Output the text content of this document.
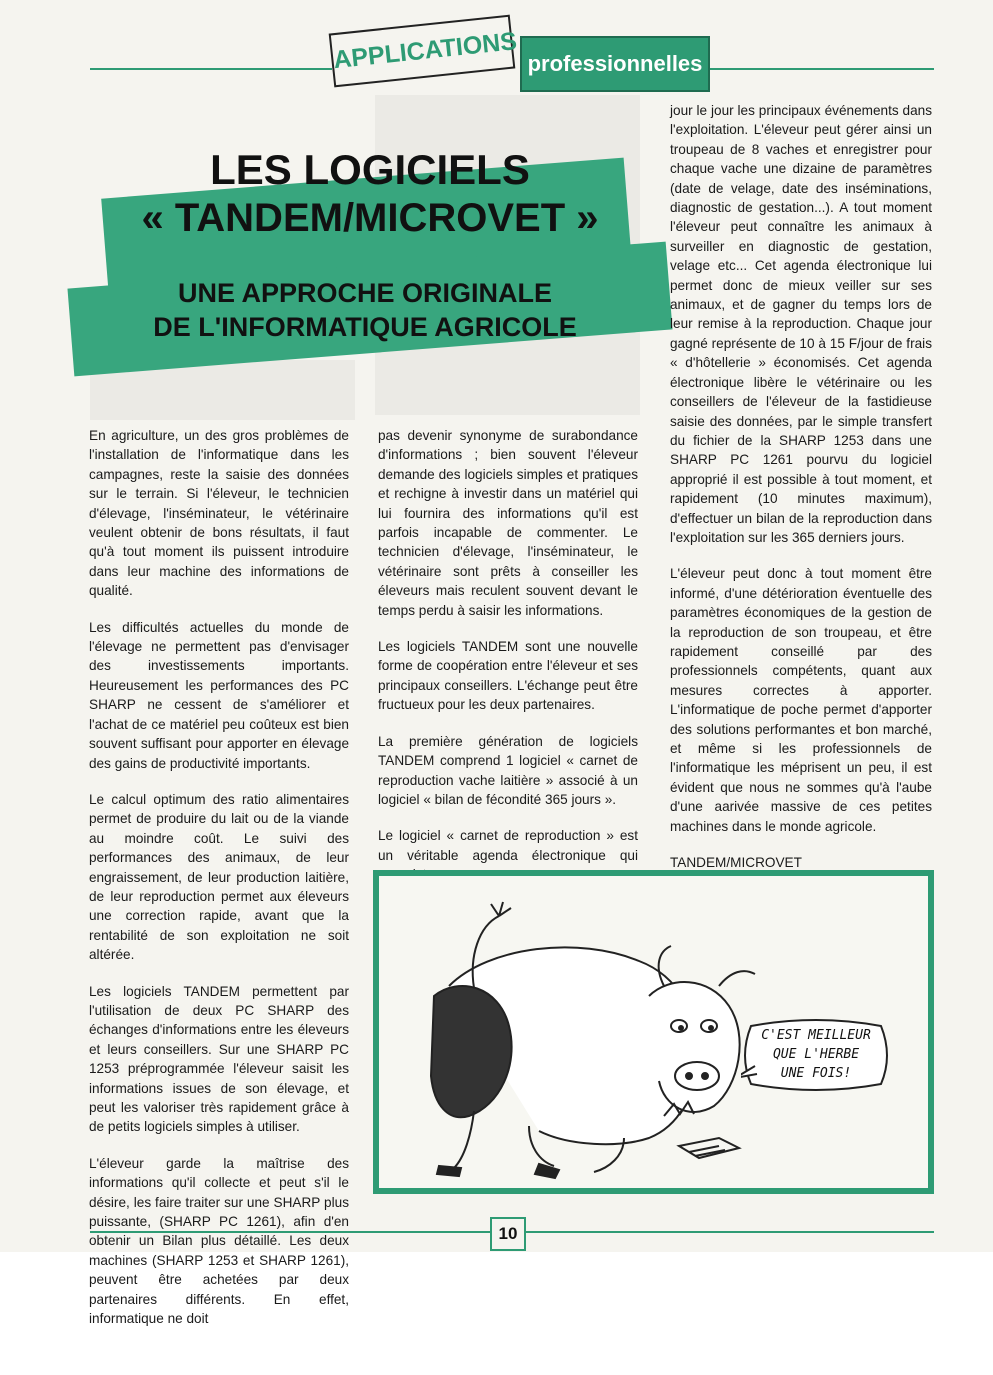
APPLICATIONS professionnelles
LES LOGICIELS
« TANDEM/MICROVET »
UNE APPROCHE ORIGINALE
DE L'INFORMATIQUE AGRICOLE

En agriculture, un des gros problèmes de l'installation de l'informatique dans les campagnes, reste la saisie des données sur le terrain. Si l'éleveur, le technicien d'élevage, l'inséminateur, le vétérinaire veulent obtenir de bons résultats, il faut qu'à tout moment ils puissent introduire dans leur machine des informations de qualité.

Les difficultés actuelles du monde de l'élevage ne permettent pas d'envisager des investissements importants. Heureusement les performances des PC SHARP ne cessent de s'améliorer et l'achat de ce matériel peu coûteux est bien souvent suffisant pour apporter en élevage des gains de productivité importants.

Le calcul optimum des ratio alimentaires permet de produire du lait ou de la viande au moindre coût. Le suivi des performances des animaux, de leur engraissement, de leur production laitière, de leur reproduction permet aux éleveurs une correction rapide, avant que la rentabilité de son exploitation ne soit altérée.

Les logiciels TANDEM permettent par l'utilisation de deux PC SHARP des échanges d'informations entre les éleveurs et leurs conseillers. Sur une SHARP PC 1253 préprogrammée l'éleveur saisit les informations issues de son élevage, et peut les valoriser très rapidement grâce à de petits logiciels simples à utiliser.

L'éleveur garde la maîtrise des informations qu'il collecte et peut s'il le désire, les faire traiter sur une SHARP plus puissante, (SHARP PC 1261), afin d'en obtenir un Bilan plus détaillé. Les deux machines (SHARP 1253 et SHARP 1261), peuvent être achetées par deux partenaires différents. En effet, informatique ne doit

pas devenir synonyme de surabondance d'informations ; bien souvent l'éleveur demande des logiciels simples et pratiques et rechigne à investir dans un matériel qui lui fournira des informations qu'il est parfois incapable de commenter. Le technicien d'élevage, l'inséminateur, le vétérinaire sont prêts à conseiller les éleveurs mais reculent souvent devant le temps perdu à saisir les informations.

Les logiciels TANDEM sont une nouvelle forme de coopération entre l'éleveur et ses principaux conseillers. L'échange peut être fructueux pour les deux partenaires.

La première génération de logiciels TANDEM comprend 1 logiciel « carnet de reproduction vache laitière » associé à un logiciel « bilan de fécondité 365 jours ».

Le logiciel « carnet de reproduction » est un véritable agenda électronique qui

jour le jour les principaux événements dans l'exploitation. L'éleveur peut gérer ainsi un troupeau de 8 vaches et enregistrer pour chaque vache une dizaine de paramètres (date de velage, date des inséminations, diagnostic de gestation...). A tout moment l'éleveur peut connaître les animaux à surveiller en diagnostic de gestation, velage etc... Cet agenda électronique lui permet donc de mieux veiller sur ses animaux, et de gagner du temps lors de leur remise à la reproduction. Chaque jour gagné représente de 10 à 15 F/jour de frais « d'hôtellerie » économisés. Cet agenda électronique libère le vétérinaire ou les conseillers de l'éleveur de la fastidieuse saisie des données, par le simple transfert du fichier de la SHARP 1253 dans une SHARP PC 1261 pourvu du logiciel approprié il est possible à tout moment, et rapidement (10 minutes maximum), d'effectuer un bilan de la reproduction dans l'exploitation sur les 365 derniers jours.

L'éleveur peut donc à tout moment être informé, d'une détérioration éventuelle des paramètres économiques de la gestion de la reproduction de son troupeau, et être rapidement conseillé par des professionnels compétents, quant aux mesures correctes à apporter. L'informatique de poche permet d'apporter des solutions performantes et bon marché, et même si les professionnels de l'informatique les méprisent un peu, il est évident que nous ne sommes qu'à l'aube d'une aarivée massive de ces petites machines dans le monde agricole.

TANDEM/MICROVET
C'EST MEILLEUR
QUE L'HERBE
UNE FOIS!
10
